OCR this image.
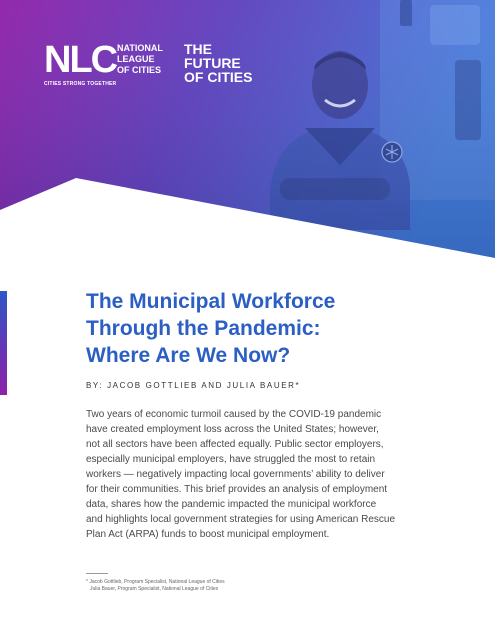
NLC NATIONAL
LEAGUE
OF CITIES
CITIES STRONG TOGETHER
THE
FUTURE
OF CITIES
The Municipal Workforce
Through the Pandemic:
Where Are We Now?
BY: JACOB GOTTLIEB AND JULIA BAUER*
Two years of economic turmoil caused by the COVID-19 pandemic
have created employment loss across the United States; however,
not all sectors have been affected equally. Public sector employers,
especially municipal employers, have struggled the most to retain
workers — negatively impacting local governments’ ability to deliver
for their communities. This brief provides an analysis of employment
data, shares how the pandemic impacted the municipal workforce
and highlights local government strategies for using American Rescue
Plan Act (ARPA) funds to boost municipal employment.
* Jacob Gottlieb, Program Specialist, National League of Cities
Julia Bauer, Program Specialist, National League of Cities
